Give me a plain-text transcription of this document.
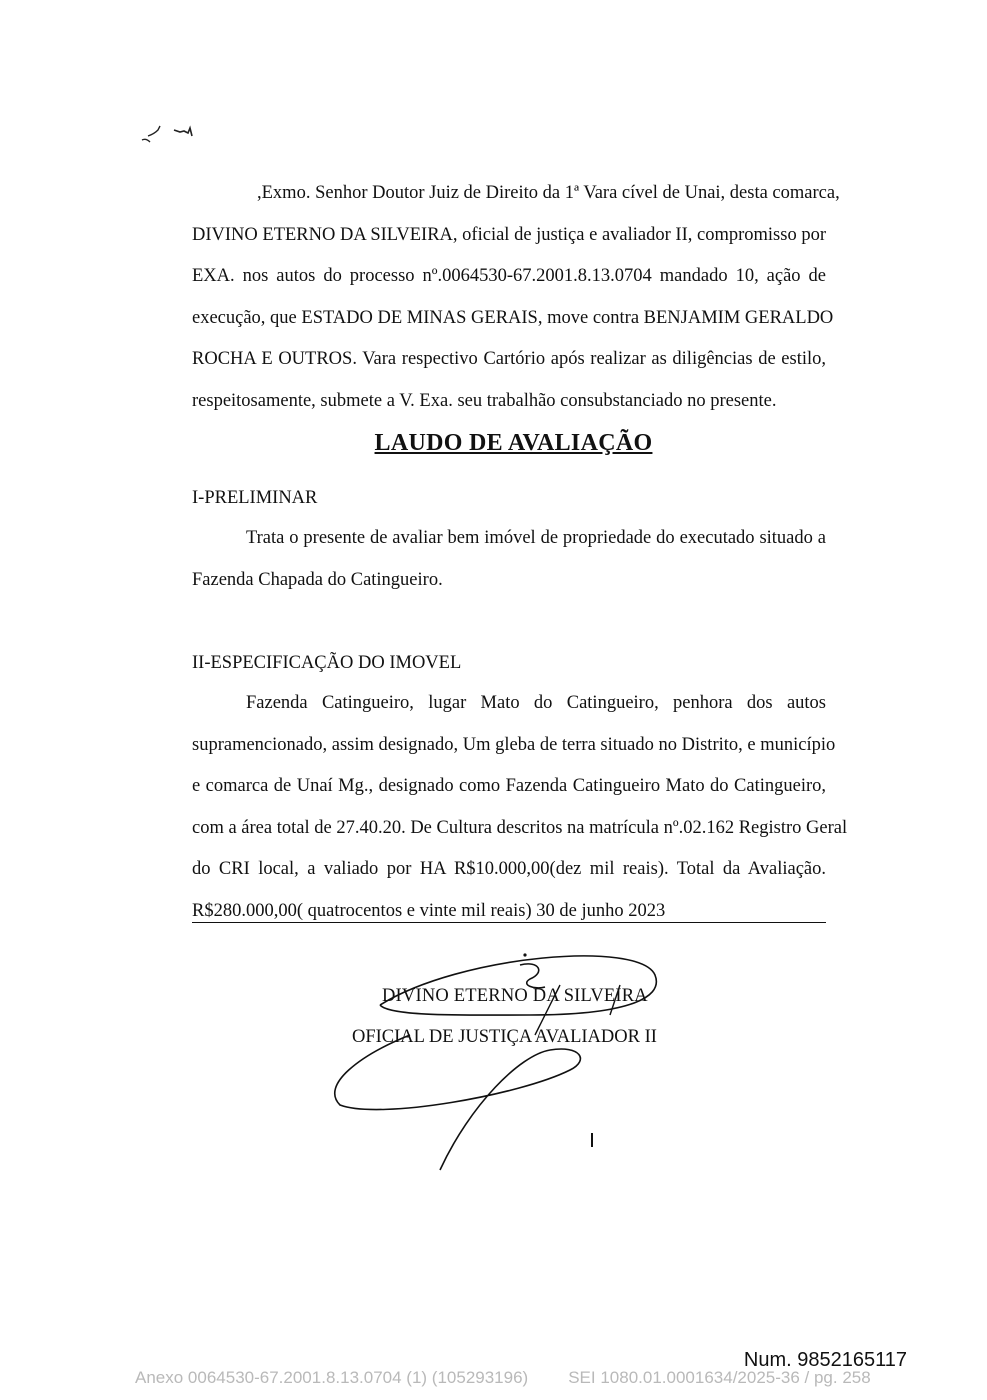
,Exmo. Senhor Doutor Juiz de Direito da 1ª Vara cível de Unai, desta comarca,
DIVINO ETERNO DA SILVEIRA, oficial de justiça e avaliador II, compromisso por
EXA. nos autos do processo nº.0064530-67.2001.8.13.0704 mandado 10, ação de
execução, que ESTADO DE MINAS GERAIS, move contra BENJAMIM GERALDO
ROCHA E OUTROS. Vara respectivo Cartório após realizar as diligências de estilo,
respeitosamente, submete a V. Exa. seu trabalhão consubstanciado no presente.
LAUDO DE AVALIAÇÃO
I-PRELIMINAR
Trata o presente de avaliar bem imóvel de propriedade do executado situado a
Fazenda Chapada do Catingueiro.
II-ESPECIFICAÇÃO DO IMOVEL
Fazenda Catingueiro, lugar Mato do Catingueiro, penhora dos autos
supramencionado, assim designado, Um gleba de terra situado no Distrito, e município
e comarca de Unaí Mg., designado como Fazenda Catingueiro Mato do Catingueiro,
com a área total de 27.40.20. De Cultura descritos na matrícula nº.02.162 Registro Geral
do CRI local, a valiado por HA R$10.000,00(dez mil reais). Total da Avaliação.
R$280.000,00( quatrocentos e vinte mil reais) 30 de junho 2023
DIVINO ETERNO DA SILVEIRA
OFICIAL DE JUSTIÇA AVALIADOR II
Num. 9852165117
Anexo 0064530-67.2001.8.13.0704 (1) (105293196) SEI 1080.01.0001634/2025-36 / pg. 258
